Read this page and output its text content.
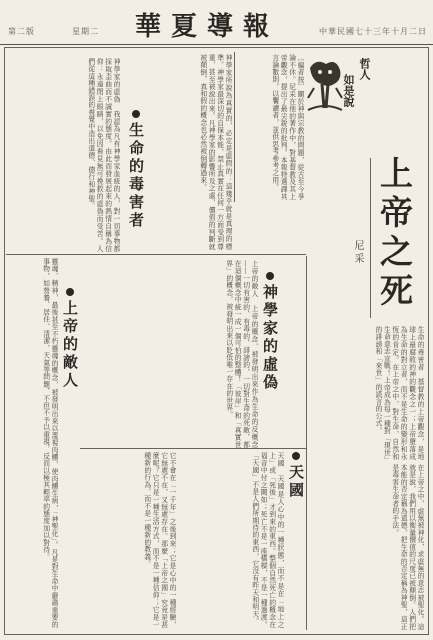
第二版	星期二 華夏導報	中華民國七十三年十月二日
哲人
如是說
〔編者按〕關於神與宗教的問題，從古至今爭論不休。尼采在他的著作中，對基督教及其上帝觀念，提出了最尖銳的批判。本報特選譯其言論數則，以饗讀者，並供思考參考之用。
上帝之死
尼采
生命的毒害者　基督教的上帝觀念，是地球上最腐敗的神的觀念之一；上帝墮落成為生命的對立者，而不是生命的變形和永恆的肯定。在上帝之中，對生命、自然和生命意志宣戰！上帝成為每一種對「現世」的誹謗和「來世」的謊言的公式。
在上帝之中，虛無被神化，求虛無的意志被聖化。這就是說，我們用以衡量價值的尺度已被顛倒。人們把本能的否定稱為道德，把生命的否定稱為神聖，這正是毒害生命者的手法。
生命的毒害者
神學家的虛偽　我認為凡有神學家血統的人，對一切事物都採取歪曲而不誠實的態度。由此而發展起來的熱情自稱為信仰：永遠閉上眼睛，以免因看見無可挽救的虛偽而受苦。人們從這種錯誤的視覺中造出道德、德行和神聖。	神學家所說為真實的，必定是虛假的：這幾乎就是真理的標準。神學家最深切的自保本能，禁止真實在任何一方面受到尊重，甚至被說出來。凡神學家的影響所及之處，價值的判斷就被顛倒，真和假的概念也必然被倒轉過來。
神學家的虛偽
上帝的敵人　上帝的概念，被發明出來作為生命的反概念——一切有害的、有毒的、誹謗的，一切對生命的死敵，都在這個概念中統一成一個可怕的整體！「彼岸」和「真實世界」的概念，被發明出來以貶低唯一存在的世界。
上帝的敵人
靈魂、精神，最後甚至不朽靈魂的概念，被發明出來以蔑視肉體，使肉體生病，「神聖化」。凡是對生命中嚴肅重要的事物，如營養、居住、清潔、天氣等問題，不但不予以重視，反而以極其輕率的態度加以對待。	天國
天國　天國是人心中的一種狀態，而不是在「地上之上」或「死後」才到來的東西。整個自然死亡的概念在福音中付之闕如；死亡不是一座橋樑，不是一種過渡。「天國」不是人們所期待的東西，它沒有昨天和明天。
它不會在「一千年」之後到來；它是心中的一種經驗，它無處不在，又無處存在。那麼「上帝之國」究竟是甚麼呢？它只是一種生活方式，而不是一種信仰；它是一種新的行為，而不是一種新的教義。
